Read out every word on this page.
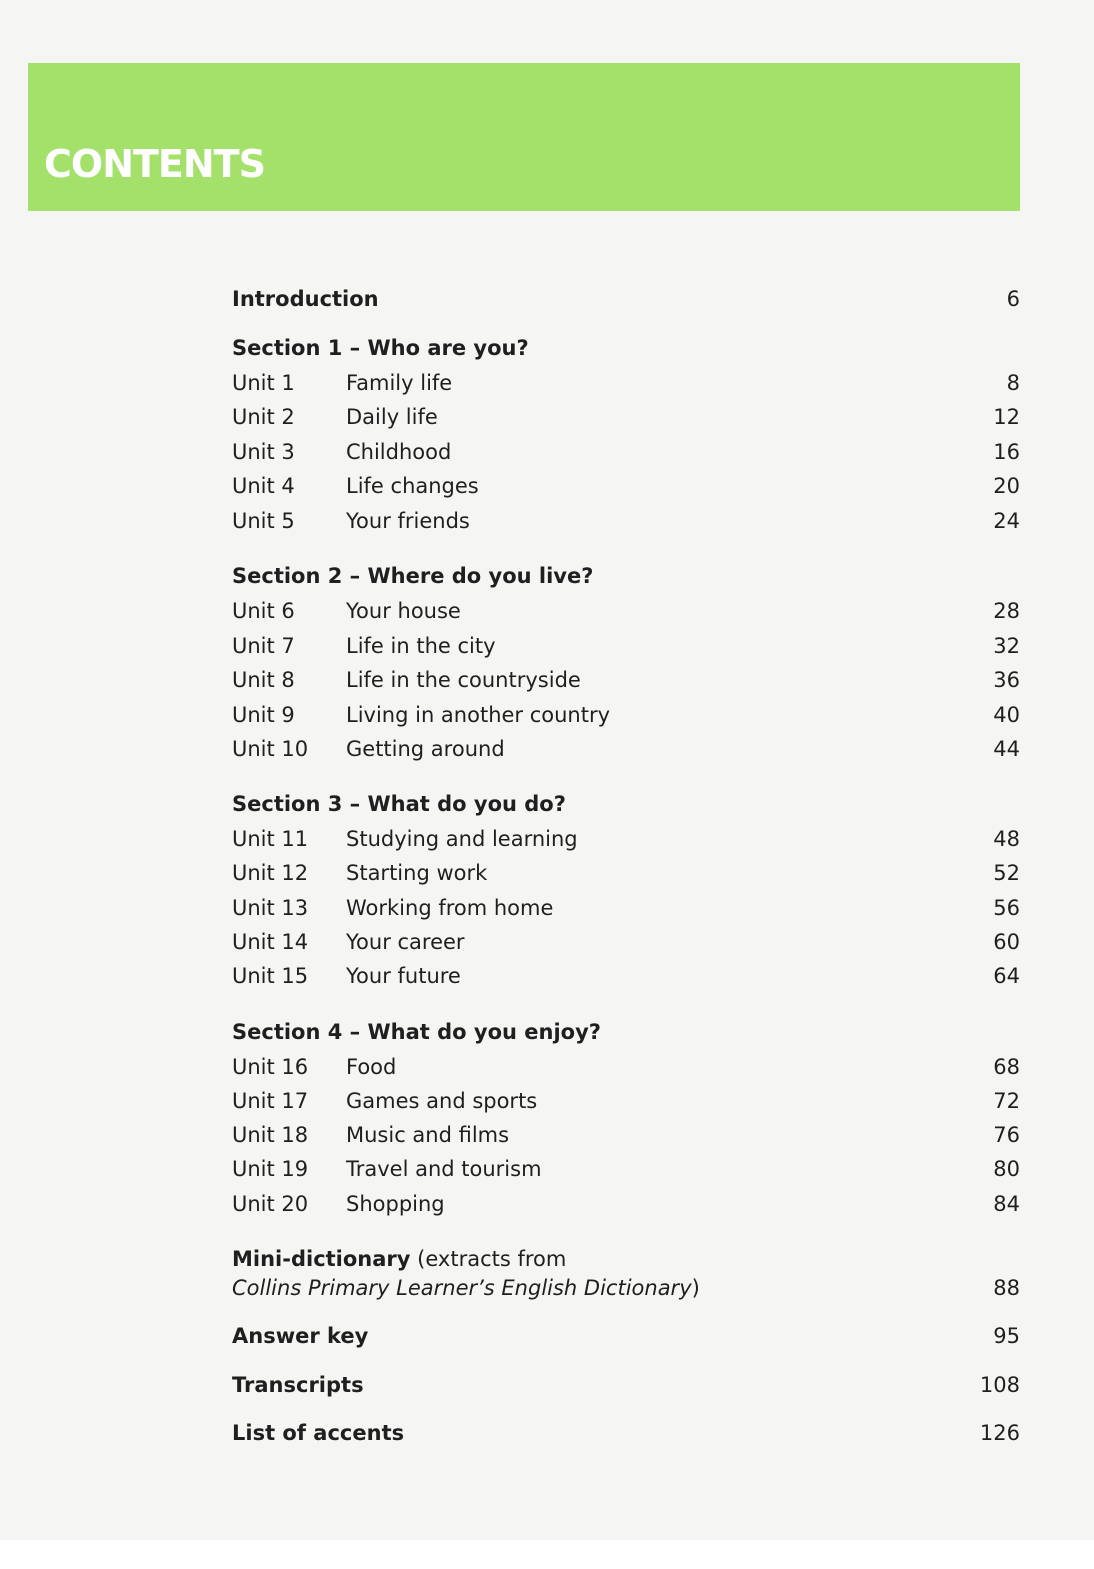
CONTENTS
Introduction	6
Section 1 – Who are you?
Unit 1 Family life	8
Unit 2 Daily life	12
Unit 3 Childhood	16
Unit 4 Life changes	20
Unit 5 Your friends	24
Section 2 – Where do you live?
Unit 6 Your house	28
Unit 7 Life in the city	32
Unit 8 Life in the countryside	36
Unit 9 Living in another country	40
Unit 10 Getting around	44
Section 3 – What do you do?
Unit 11 Studying and learning	48
Unit 12 Starting work	52
Unit 13 Working from home	56
Unit 14 Your career	60
Unit 15 Your future	64
Section 4 – What do you enjoy?
Unit 16 Food	68
Unit 17 Games and sports	72
Unit 18 Music and films	76
Unit 19 Travel and tourism	80
Unit 20 Shopping	84
Mini-dictionary (extracts from
Collins Primary Learner’s English Dictionary)	88
Answer key	95
Transcripts	108
List of accents	126
